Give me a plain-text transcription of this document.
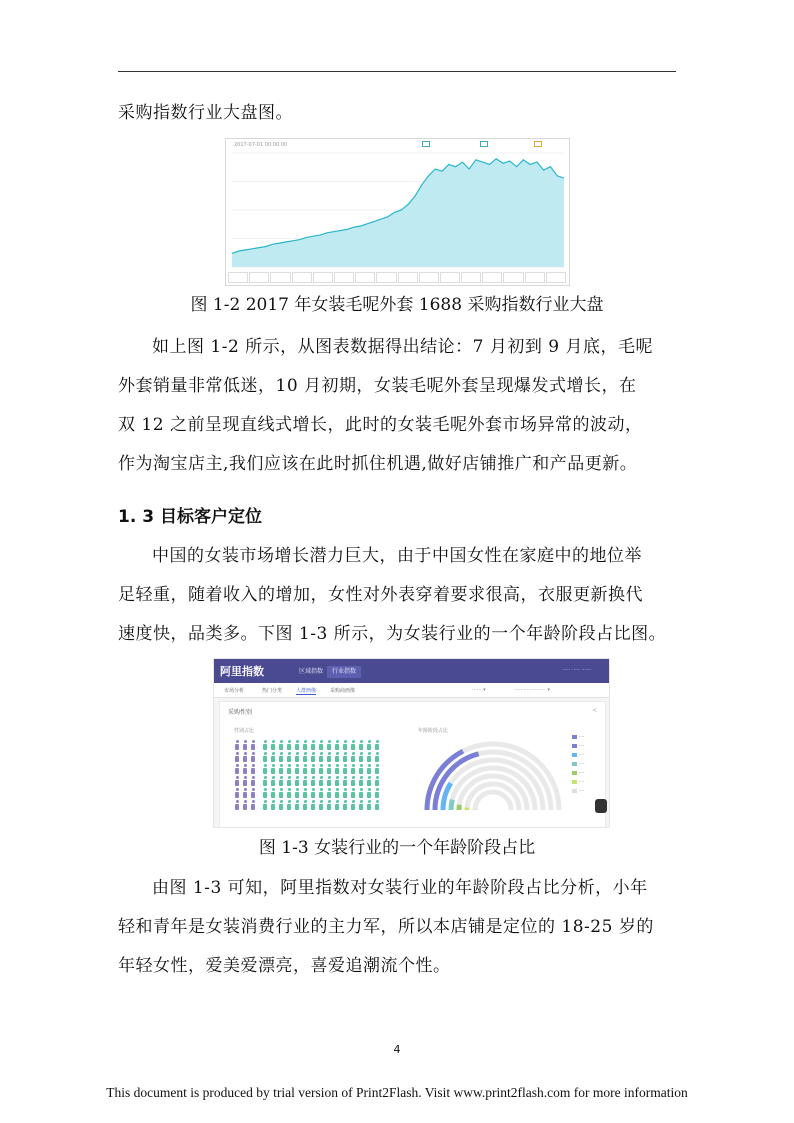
采购指数行业大盘图。

2017-07-01 00:00:00

图 1-2 2017 年女装毛呢外套 1688 采购指数行业大盘

如上图 1-2 所示，从图表数据得出结论：7 月初到 9 月底，毛呢
外套销量非常低迷，10 月初期，女装毛呢外套呈现爆发式增长，在
双 12 之前呈现直线式增长，此时的女装毛呢外套市场异常的波动，
作为淘宝店主,我们应该在此时抓住机遇,做好店铺推广和产品更新。

1. 3 目标客户定位

中国的女装市场增长潜力巨大，由于中国女性在家庭中的地位举
足轻重，随着收入的增加，女性对外表穿着要求很高，衣服更新换代
速度快，品类多。下图 1-3 所示，为女装行业的一个年龄阶段占比图。

阿里指数	区域指数	行业指数	····· ····· ······
市场分析	热门分类	人群画像	采购商画像	······ ▾	···················· ▾
采购性别	<
性别占比	年龄阶段占比
····
····
····
····
····
····
····

图 1-3 女装行业的一个年龄阶段占比

由图 1-3 可知，阿里指数对女装行业的年龄阶段占比分析，小年
轻和青年是女装消费行业的主力军，所以本店铺是定位的 18-25 岁的
年轻女性，爱美爱漂亮，喜爱追潮流个性。

4
This document is produced by trial version of Print2Flash. Visit www.print2flash.com for more information
